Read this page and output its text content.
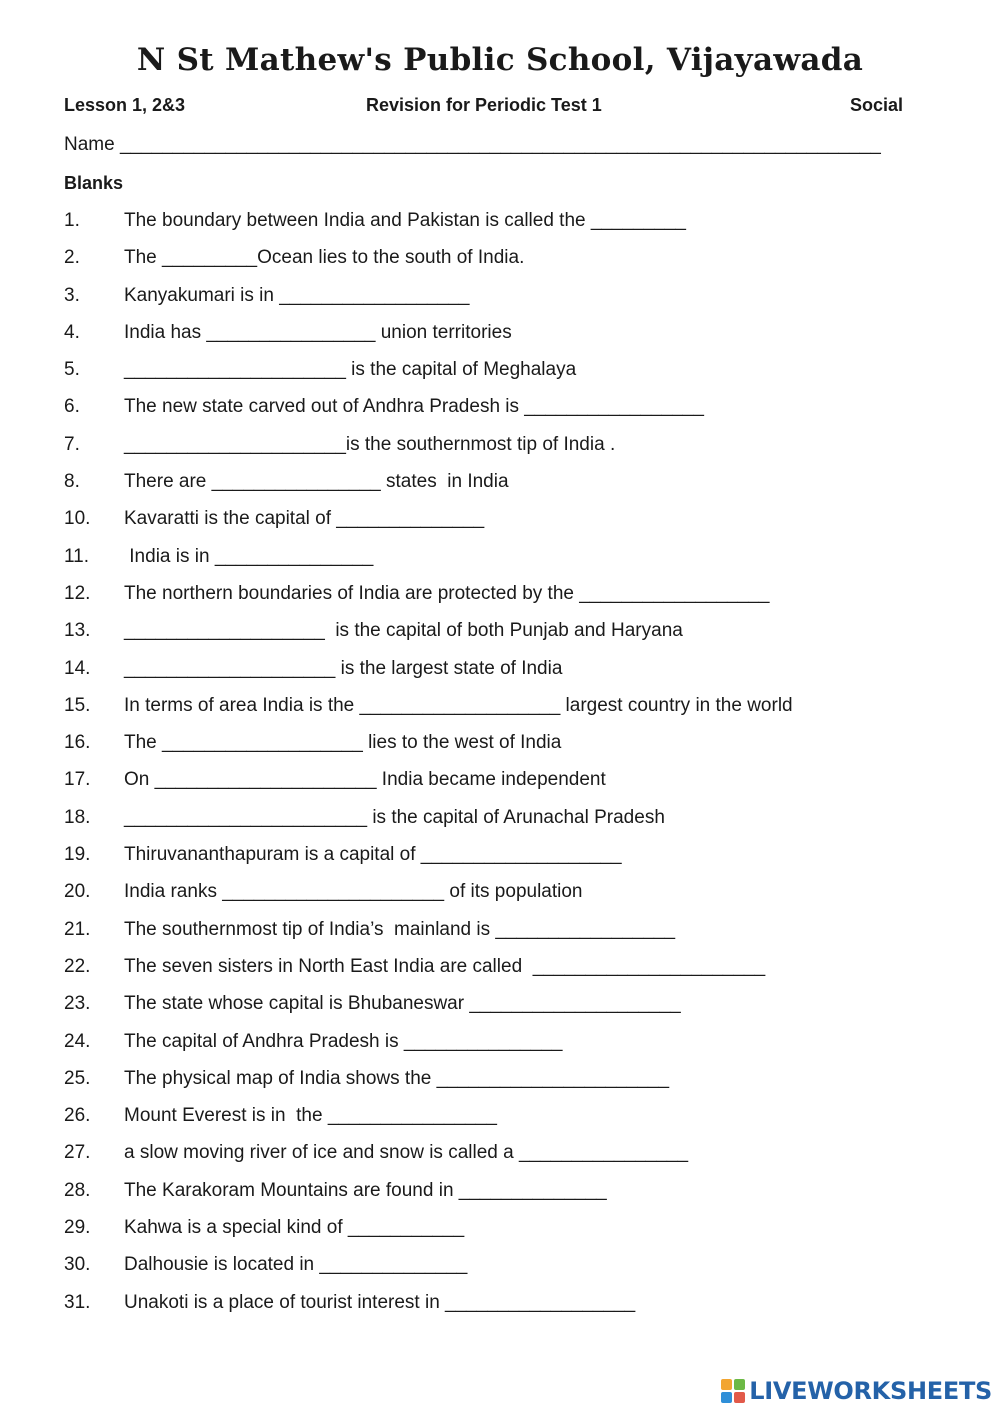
N St Mathew's Public School, Vijayawada
Lesson 1, 2&3	Revision for Periodic Test 1	Social
Name ________________________________________________________________________
Blanks
1.	The boundary between India and Pakistan is called the _________
2.	The _________Ocean lies to the south of India.
3.	Kanyakumari is in __________________
4.	India has ________________ union territories
5.	_____________________ is the capital of Meghalaya
6.	The new state carved out of Andhra Pradesh is _________________
7.	_____________________is the southernmost tip of India .
8.	There are ________________ states  in India
10.	Kavaratti is the capital of ______________
11.	India is in _______________
12.	The northern boundaries of India are protected by the __________________
13.	___________________  is the capital of both Punjab and Haryana
14.	____________________ is the largest state of India
15.	In terms of area India is the ___________________ largest country in the world
16.	The ___________________ lies to the west of India
17.	On _____________________ India became independent
18.	_______________________ is the capital of Arunachal Pradesh
19.	Thiruvananthapuram is a capital of ___________________
20.	India ranks _____________________ of its population
21.	The southernmost tip of India’s  mainland is _________________
22.	The seven sisters in North East India are called  ______________________
23.	The state whose capital is Bhubaneswar ____________________
24.	The capital of Andhra Pradesh is _______________
25.	The physical map of India shows the ______________________
26.	Mount Everest is in  the ________________
27.	a slow moving river of ice and snow is called a ________________
28.	The Karakoram Mountains are found in ______________
29.	Kahwa is a special kind of ___________
30.	Dalhousie is located in ______________
31.	Unakoti is a place of tourist interest in __________________
LIVEWORKSHEETS
